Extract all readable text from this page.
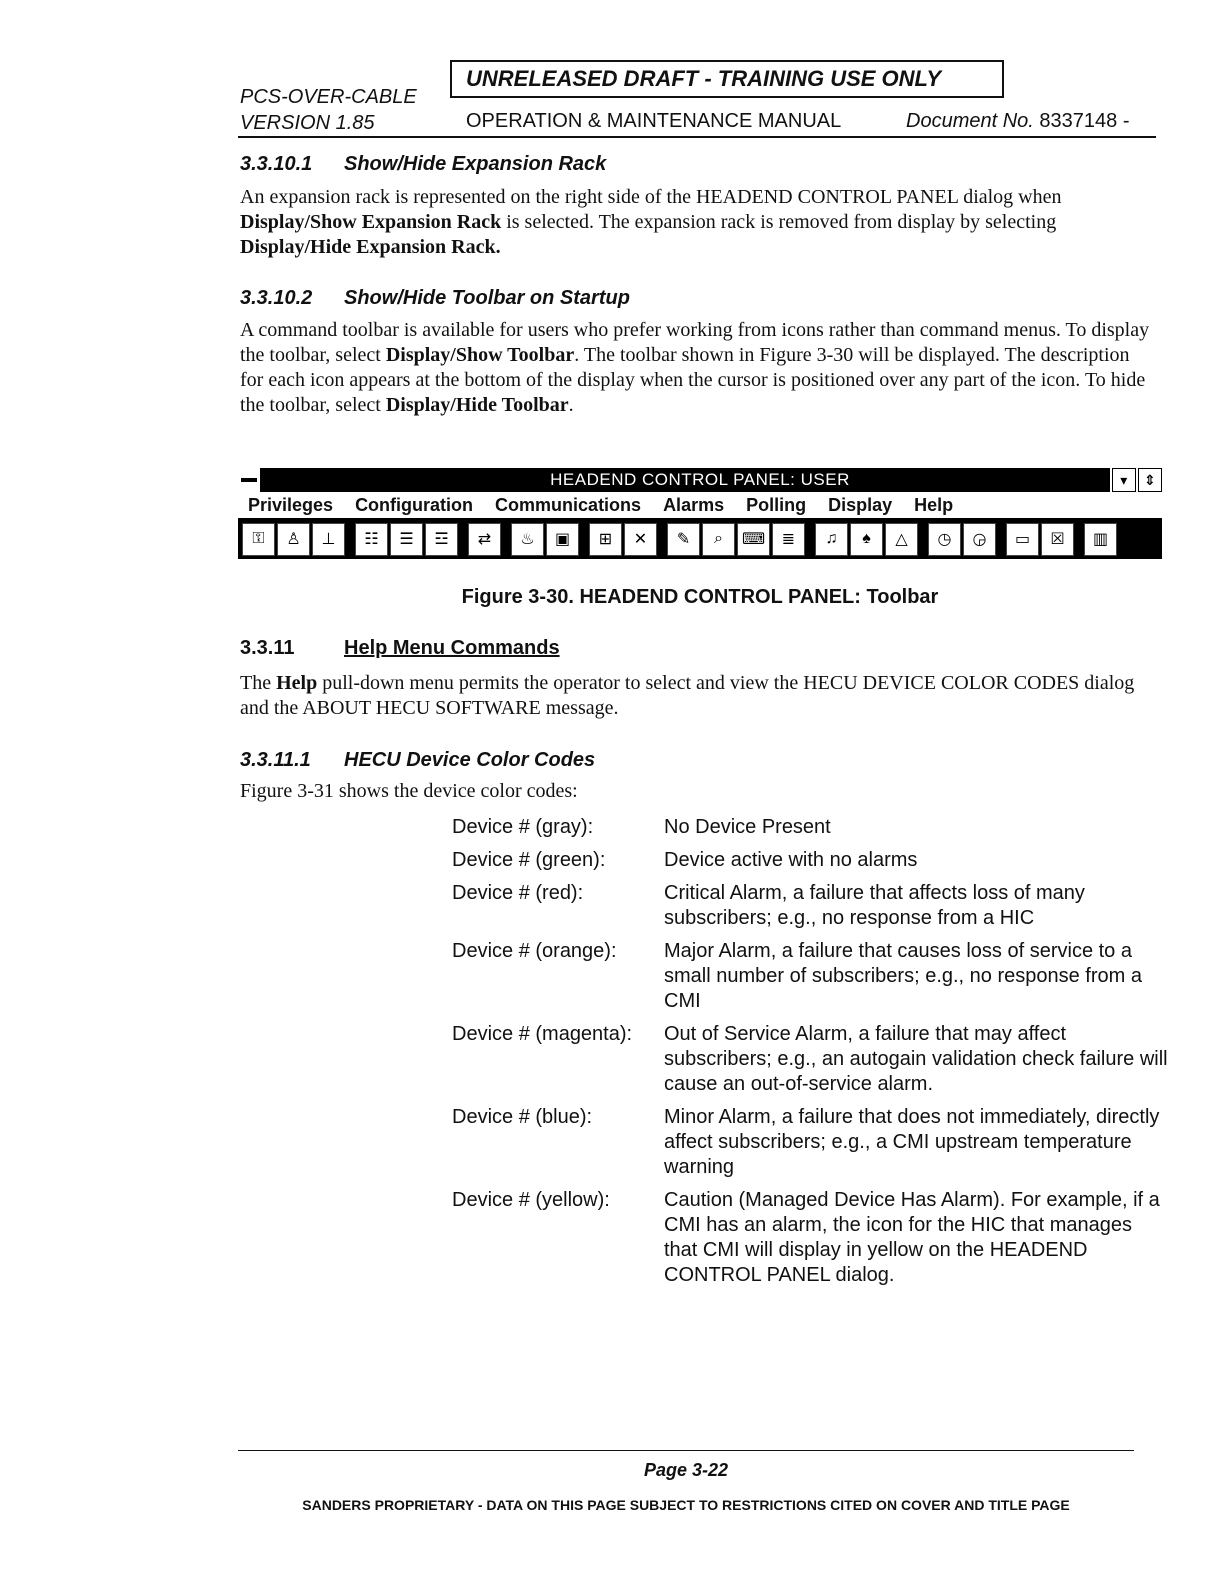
PCS-OVER-CABLE
VERSION 1.85
UNRELEASED DRAFT - TRAINING USE ONLY
OPERATION & MAINTENANCE MANUAL	Document No. 8337148 -
3.3.10.1 Show/Hide Expansion Rack

An expansion rack is represented on the right side of the HEADEND CONTROL PANEL dialog when Display/Show Expansion Rack is selected. The expansion rack is removed from display by selecting Display/Hide Expansion Rack.

3.3.10.2 Show/Hide Toolbar on Startup

A command toolbar is available for users who prefer working from icons rather than command menus. To display the toolbar, select Display/Show Toolbar. The toolbar shown in Figure 3-30 will be displayed. The description for each icon appears at the bottom of the display when the cursor is positioned over any part of the icon. To hide the toolbar, select Display/Hide Toolbar.

HEADEND CONTROL PANEL: USER	▾	⇕
Privileges Configuration Communications Alarms Polling Display Help
⚿	♙	⊥	☷	☰	☲	⇄	♨	▣	⊞	✕	✎	⌕	⌨	≣	♫	♠	△	◷	◶	▭	☒	▥
Figure 3-30. HEADEND CONTROL PANEL: Toolbar
3.3.11 Help Menu Commands

The Help pull-down menu permits the operator to select and view the HECU DEVICE COLOR CODES dialog and the ABOUT HECU SOFTWARE message.

3.3.11.1 HECU Device Color Codes
Figure 3-31 shows the device color codes:
Device # (gray):	No Device Present
Device # (green):	Device active with no alarms
Device # (red):	Critical Alarm, a failure that affects loss of many subscribers; e.g., no response from a HIC
Device # (orange):	Major Alarm, a failure that causes loss of service to a small number of subscribers; e.g., no response from a CMI
Device # (magenta):	Out of Service Alarm, a failure that may affect subscribers; e.g., an autogain validation check failure will cause an out-of-service alarm.
Device # (blue):	Minor Alarm, a failure that does not immediately, directly affect subscribers; e.g., a CMI upstream temperature warning
Device # (yellow):	Caution (Managed Device Has Alarm). For example, if a CMI has an alarm, the icon for the HIC that manages that CMI will display in yellow on the HEADEND CONTROL PANEL dialog.
Page 3-22
SANDERS PROPRIETARY - DATA ON THIS PAGE SUBJECT TO RESTRICTIONS CITED ON COVER AND TITLE PAGE
